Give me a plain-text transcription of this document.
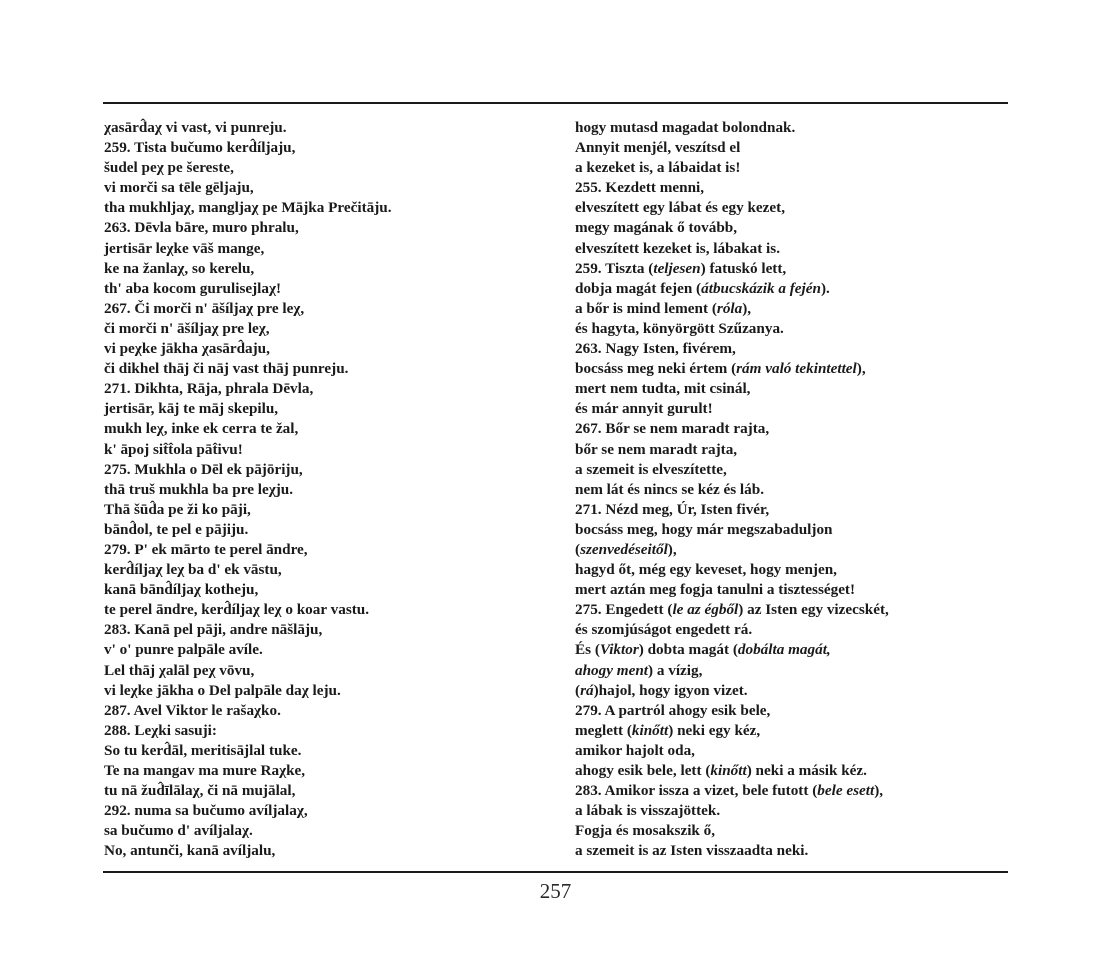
χasārd̂aχ vi vast, vi punreju.
259. Tista bučumo kerd̂íljaju,
šudel peχ pe šereste,
vi morči sa tēle gēljaju,
tha mukhljaχ, mangljaχ pe Mājka Prečitāju.
263. Dēvla bāre, muro phralu,
jertisār leχke vāš mange,
ke na žanlaχ, so kerelu,
th' aba kocom gurulisejlaχ!
267. Či morči n' āšíljaχ pre leχ,
či morči n' āšíljaχ pre leχ,
vi peχke jākha χasārd̂aju,
či dikhel thāj či nāj vast thāj punreju.
271. Dikhta, Rāja, phrala Dēvla,
jertisār, kāj te māj skepilu,
mukh leχ, inke ek cerra te žal,
k' āpoj sit̂t̂ola pāt̂ivu!
275. Mukhla o Dēl ek pājōriju,
thā truš mukhla ba pre leχju.
Thā šūd̂a pe ži ko pāji,
bānd̂ol, te pel e pājiju.
279. P' ek mārto te perel āndre,
kerd̂íljaχ leχ ba d' ek vāstu,
kanā bānd̂íljaχ kotheju,
te perel āndre, kerd̂íljaχ leχ o koar vastu.
283. Kanā pel pāji, andre nāšlāju,
v' o' punre palpāle avíle.
Lel thāj χalāl peχ vōvu,
vi leχke jākha o Del palpāle daχ leju.
287. Avel Viktor le rašaχko.
288. Leχki sasuji:
So tu kerd̂āl, meritisājlal tuke.
Te na mangav ma mure Raχke,
tu nā žud̂īlālaχ, či nā mujālal,
292. numa sa bučumo avíljalaχ,
sa bučumo d' avíljalaχ.
No, antunči, kanā avíljalu,
hogy mutasd magadat bolondnak.
Annyit menjél, veszítsd el
a kezeket is, a lábaidat is!
255. Kezdett menni,
elveszített egy lábat és egy kezet,
megy magának ő tovább,
elveszített kezeket is, lábakat is.
259. Tiszta (teljesen) fatuskó lett,
dobja magát fejen (átbucskázik a fején).
a bőr is mind lement (róla),
és hagyta, könyörgött Szűzanya.
263. Nagy Isten, fivérem,
bocsáss meg neki értem (rám való tekintettel),
mert nem tudta, mit csinál,
és már annyit gurult!
267. Bőr se nem maradt rajta,
bőr se nem maradt rajta,
a szemeit is elveszítette,
nem lát és nincs se kéz és láb.
271. Nézd meg, Úr, Isten fivér,
bocsáss meg, hogy már megszabaduljon
(szenvedéseitől),
hagyd őt, még egy keveset, hogy menjen,
mert aztán meg fogja tanulni a tisztességet!
275. Engedett (le az égből) az Isten egy vizecskét,
és szomjúságot engedett rá.
És (Viktor) dobta magát (dobálta magát,
ahogy ment) a vízig,
(rá)hajol, hogy igyon vizet.
279. A partról ahogy esik bele,
meglett (kinőtt) neki egy kéz,
amikor hajolt oda,
ahogy esik bele, lett (kinőtt) neki a másik kéz.
283. Amikor issza a vizet, bele futott (bele esett),
a lábak is visszajöttek.
Fogja és mosakszik ő,
a szemeit is az Isten visszaadta neki.
257
